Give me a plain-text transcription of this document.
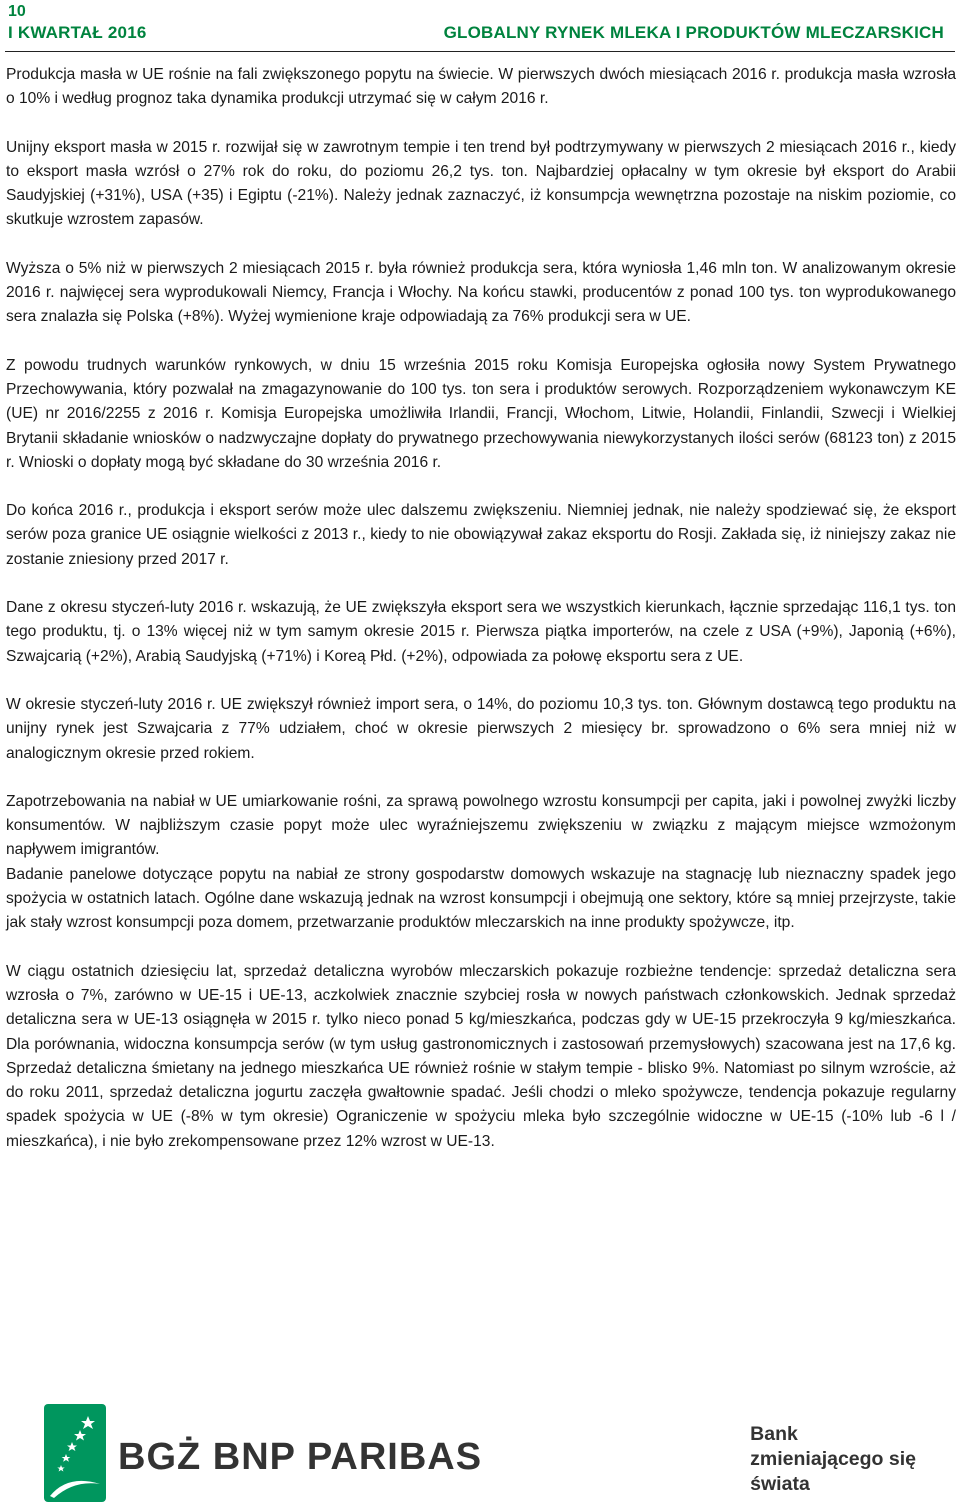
10
I KWARTAŁ 2016	GLOBALNY RYNEK MLEKA I PRODUKTÓW MLECZARSKICH

Produkcja masła w UE rośnie na fali zwiększonego popytu na świecie. W pierwszych dwóch miesiącach 2016 r. produkcja masła wzrosła o 10% i według prognoz taka dynamika produkcji utrzymać się w całym 2016 r.

Unijny eksport masła w 2015 r. rozwijał się w zawrotnym tempie i ten trend był podtrzymywany w pierwszych 2 miesiącach 2016 r., kiedy to eksport masła wzrósł o 27% rok do roku, do poziomu 26,2 tys. ton. Najbardziej opłacalny w tym okresie był eksport do Arabii Saudyjskiej (+31%), USA (+35) i Egiptu (-21%). Należy jednak zaznaczyć, iż konsumpcja wewnętrzna pozostaje na niskim poziomie, co skutkuje wzrostem zapasów.

Wyższa o 5% niż w pierwszych 2 miesiącach 2015 r. była również produkcja sera, która wyniosła 1,46 mln ton. W analizowanym okresie 2016 r. najwięcej sera wyprodukowali Niemcy, Francja i Włochy. Na końcu stawki, producentów z ponad 100 tys. ton wyprodukowanego sera znalazła się Polska (+8%). Wyżej wymienione kraje odpowiadają za 76% produkcji sera w UE.

Z powodu trudnych warunków rynkowych, w dniu 15 września 2015 roku Komisja Europejska ogłosiła nowy System Prywatnego Przechowywania, który pozwalał na zmagazynowanie do 100 tys. ton sera i produktów serowych. Rozporządzeniem wykonawczym KE (UE) nr 2016/2255 z 2016 r. Komisja Europejska umożliwiła Irlandii, Francji, Włochom, Litwie, Holandii, Finlandii, Szwecji i Wielkiej Brytanii składanie wniosków o nadzwyczajne dopłaty do prywatnego przechowywania niewykorzystanych ilości serów (68123 ton) z 2015 r. Wnioski o dopłaty mogą być składane do 30 września 2016 r.

Do końca 2016 r., produkcja i eksport serów może ulec dalszemu zwiększeniu. Niemniej jednak, nie należy spodziewać się, że eksport serów poza granice UE osiągnie wielkości z 2013 r., kiedy to nie obowiązywał zakaz eksportu do Rosji. Zakłada się, iż niniejszy zakaz nie zostanie zniesiony przed 2017 r.

Dane z okresu styczeń-luty 2016 r. wskazują, że UE zwiększyła eksport sera we wszystkich kierunkach, łącznie sprzedając 116,1 tys. ton tego produktu, tj. o 13% więcej niż w tym samym okresie 2015 r. Pierwsza piątka importerów, na czele z USA (+9%), Japonią (+6%), Szwajcarią (+2%), Arabią Saudyjską (+71%) i Koreą Płd. (+2%), odpowiada za połowę eksportu sera z UE.

W okresie styczeń-luty 2016 r. UE zwiększył również import sera, o 14%, do poziomu 10,3 tys. ton. Głównym dostawcą tego produktu na unijny rynek jest Szwajcaria z 77% udziałem, choć w okresie pierwszych 2 miesięcy br. sprowadzono o 6% sera mniej niż w analogicznym okresie przed rokiem.

Zapotrzebowania na nabiał w UE umiarkowanie rośni, za sprawą powolnego wzrostu konsumpcji per capita, jaki i powolnej zwyżki liczby konsumentów. W najbliższym czasie popyt może ulec wyraźniejszemu zwiększeniu w związku z mającym miejsce wzmożonym napływem imigrantów.

Badanie panelowe dotyczące popytu na nabiał ze strony gospodarstw domowych wskazuje na stagnację lub nieznaczny spadek jego spożycia w ostatnich latach. Ogólne dane wskazują jednak na wzrost konsumpcji i obejmują one sektory, które są mniej przejrzyste, takie jak stały wzrost konsumpcji poza domem, przetwarzanie produktów mleczarskich na inne produkty spożywcze, itp.

W ciągu ostatnich dziesięciu lat, sprzedaż detaliczna wyrobów mleczarskich pokazuje rozbieżne tendencje: sprzedaż detaliczna sera wzrosła o 7%, zarówno w UE-15 i UE-13, aczkolwiek znacznie szybciej rosła w nowych państwach członkowskich. Jednak sprzedaż detaliczna sera w UE-13 osiągnęła w 2015 r. tylko nieco ponad 5 kg/mieszkańca, podczas gdy w UE-15 przekroczyła 9 kg/mieszkańca. Dla porównania, widoczna konsumpcja serów (w tym usług gastronomicznych i zastosowań przemysłowych) szacowana jest na 17,6 kg. Sprzedaż detaliczna śmietany na jednego mieszkańca UE również rośnie w stałym tempie - blisko 9%. Natomiast po silnym wzroście, aż do roku 2011, sprzedaż detaliczna jogurtu zaczęła gwałtownie spadać. Jeśli chodzi o mleko spożywcze, tendencja pokazuje regularny spadek spożycia w UE (-8% w tym okresie) Ograniczenie w spożyciu mleka było szczególnie widoczne w UE-15 (-10% lub -6 l / mieszkańca), i nie było zrekompensowane przez 12% wzrost w UE-13.

BGŻ BNP PARIBAS
Bank
zmieniającego się
świata
